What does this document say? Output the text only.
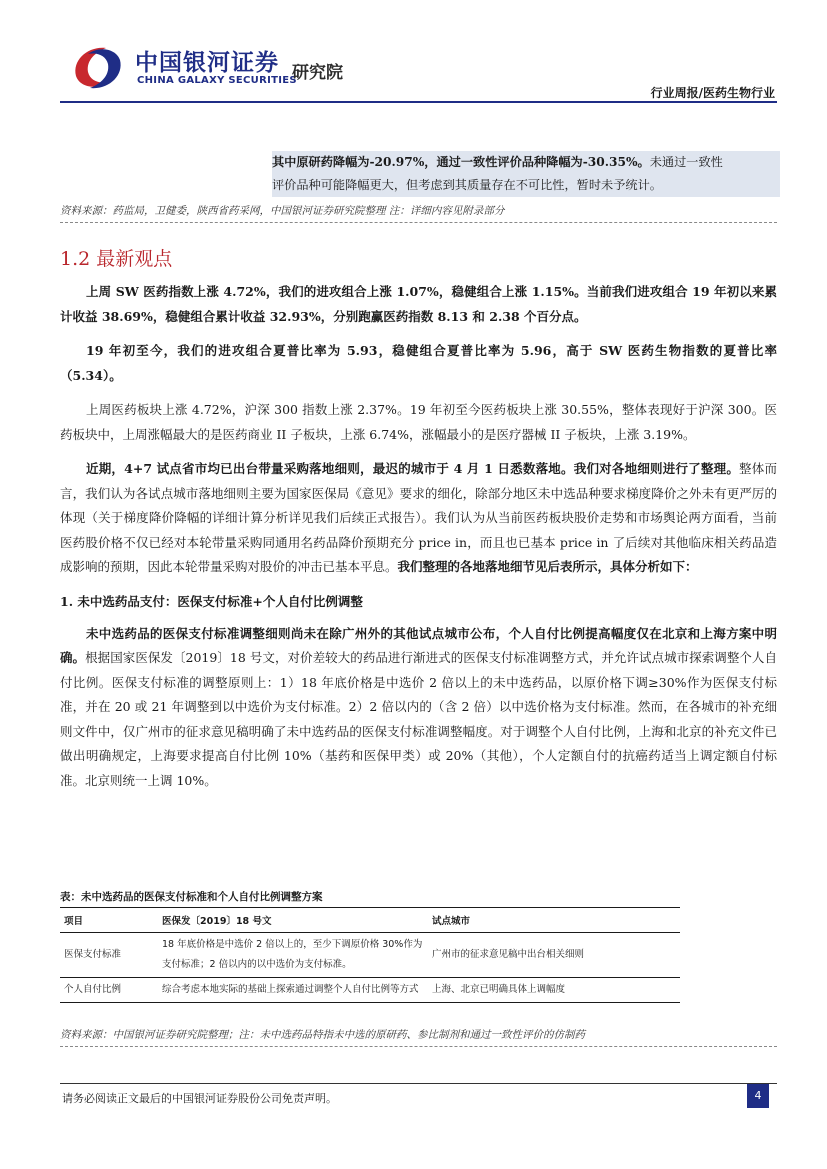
中国银河证券
CHINA GALAXY SECURITIES
研究院
行业周报/医药生物行业

其中原研药降幅为-20.97%，通过一致性评价品种降幅为-30.35%。未通过一致性

评价品种可能降幅更大，但考虑到其质量存在不可比性，暂时未予统计。

资料来源：药监局，卫健委，陕西省药采网，中国银河证券研究院整理 注：详细内容见附录部分
1.2 最新观点

上周 SW 医药指数上涨 4.72%，我们的进攻组合上涨 1.07%，稳健组合上涨 1.15%。当前我们进攻组合 19 年初以来累计收益 38.69%，稳健组合累计收益 32.93%，分别跑赢医药指数 8.13 和 2.38 个百分点。

19 年初至今，我们的进攻组合夏普比率为 5.93，稳健组合夏普比率为 5.96，高于 SW 医药生物指数的夏普比率（5.34）。

上周医药板块上涨 4.72%，沪深 300 指数上涨 2.37%。19 年初至今医药板块上涨 30.55%，整体表现好于沪深 300。医药板块中，上周涨幅最大的是医药商业 II 子板块，上涨 6.74%，涨幅最小的是医疗器械 II 子板块，上涨 3.19%。

近期，4+7 试点省市均已出台带量采购落地细则，最迟的城市于 4 月 1 日悉数落地。我们对各地细则进行了整理。整体而言，我们认为各试点城市落地细则主要为国家医保局《意见》要求的细化，除部分地区未中选品种要求梯度降价之外未有更严厉的体现（关于梯度降价降幅的详细计算分析详见我们后续正式报告）。我们认为从当前医药板块股价走势和市场舆论两方面看，当前医药股价格不仅已经对本轮带量采购同通用名药品降价预期充分 price in，而且也已基本 price in 了后续对其他临床相关药品造成影响的预期，因此本轮带量采购对股价的冲击已基本平息。我们整理的各地落地细节见后表所示，具体分析如下：

1. 未中选药品支付：医保支付标准+个人自付比例调整

未中选药品的医保支付标准调整细则尚未在除广州外的其他试点城市公布，个人自付比例提高幅度仅在北京和上海方案中明确。根据国家医保发〔2019〕18 号文，对价差较大的药品进行渐进式的医保支付标准调整方式，并允许试点城市探索调整个人自付比例。医保支付标准的调整原则上：1）18 年底价格是中选价 2 倍以上的未中选药品，以原价格下调≥30%作为医保支付标准，并在 20 或 21 年调整到以中选价为支付标准。2）2 倍以内的（含 2 倍）以中选价格为支付标准。然而，在各城市的补充细则文件中，仅广州市的征求意见稿明确了未中选药品的医保支付标准调整幅度。对于调整个人自付比例，上海和北京的补充文件已做出明确规定，上海要求提高自付比例 10%（基药和医保甲类）或 20%（其他），个人定额自付的抗癌药适当上调定额自付标准。北京则统一上调 10%。

表：未中选药品的医保支付标准和个人自付比例调整方案
项目	医保发〔2019〕18 号文	试点城市
医保支付标准	18 年底价格是中选价 2 倍以上的，至少下调原价格 30%作为支付标准；2 倍以内的以中选价为支付标准。	广州市的征求意见稿中出台相关细则
个人自付比例	综合考虑本地实际的基础上探索通过调整个人自付比例等方式	上海、北京已明确具体上调幅度
资料来源：中国银河证券研究院整理；注：未中选药品特指未中选的原研药、参比制剂和通过一致性评价的仿制药
请务必阅读正文最后的中国银河证券股份公司免责声明。	4
